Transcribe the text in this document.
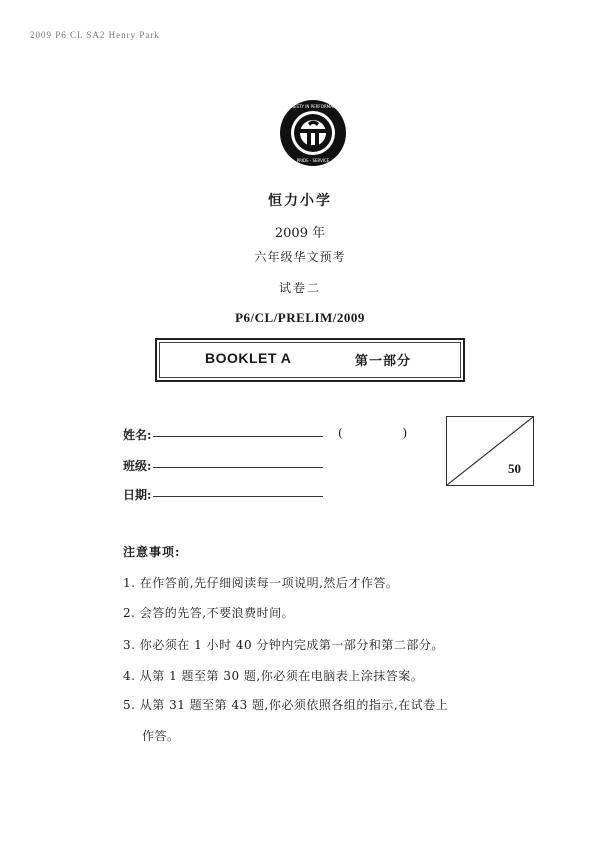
2009 P6 CL SA2 Henry Park
HONESTY IN PERFORMANCE
PRIDE · SERVICE
恒力小学
2009 年
六年级华文预考
试卷二
P6/CL/PRELIM/2009
BOOKLET A	第一部分
姓名:	( )
班级:
日期:
50
注意事项:
1. 在作答前,先仔细阅读每一项说明,然后才作答。
2. 会答的先答,不要浪费时间。
3. 你必须在 1 小时 40 分钟内完成第一部分和第二部分。
4. 从第 1 题至第 30 题,你必须在电脑表上涂抹答案。
5. 从第 31 题至第 43 题,你必须依照各组的指示,在试卷上
作答。
